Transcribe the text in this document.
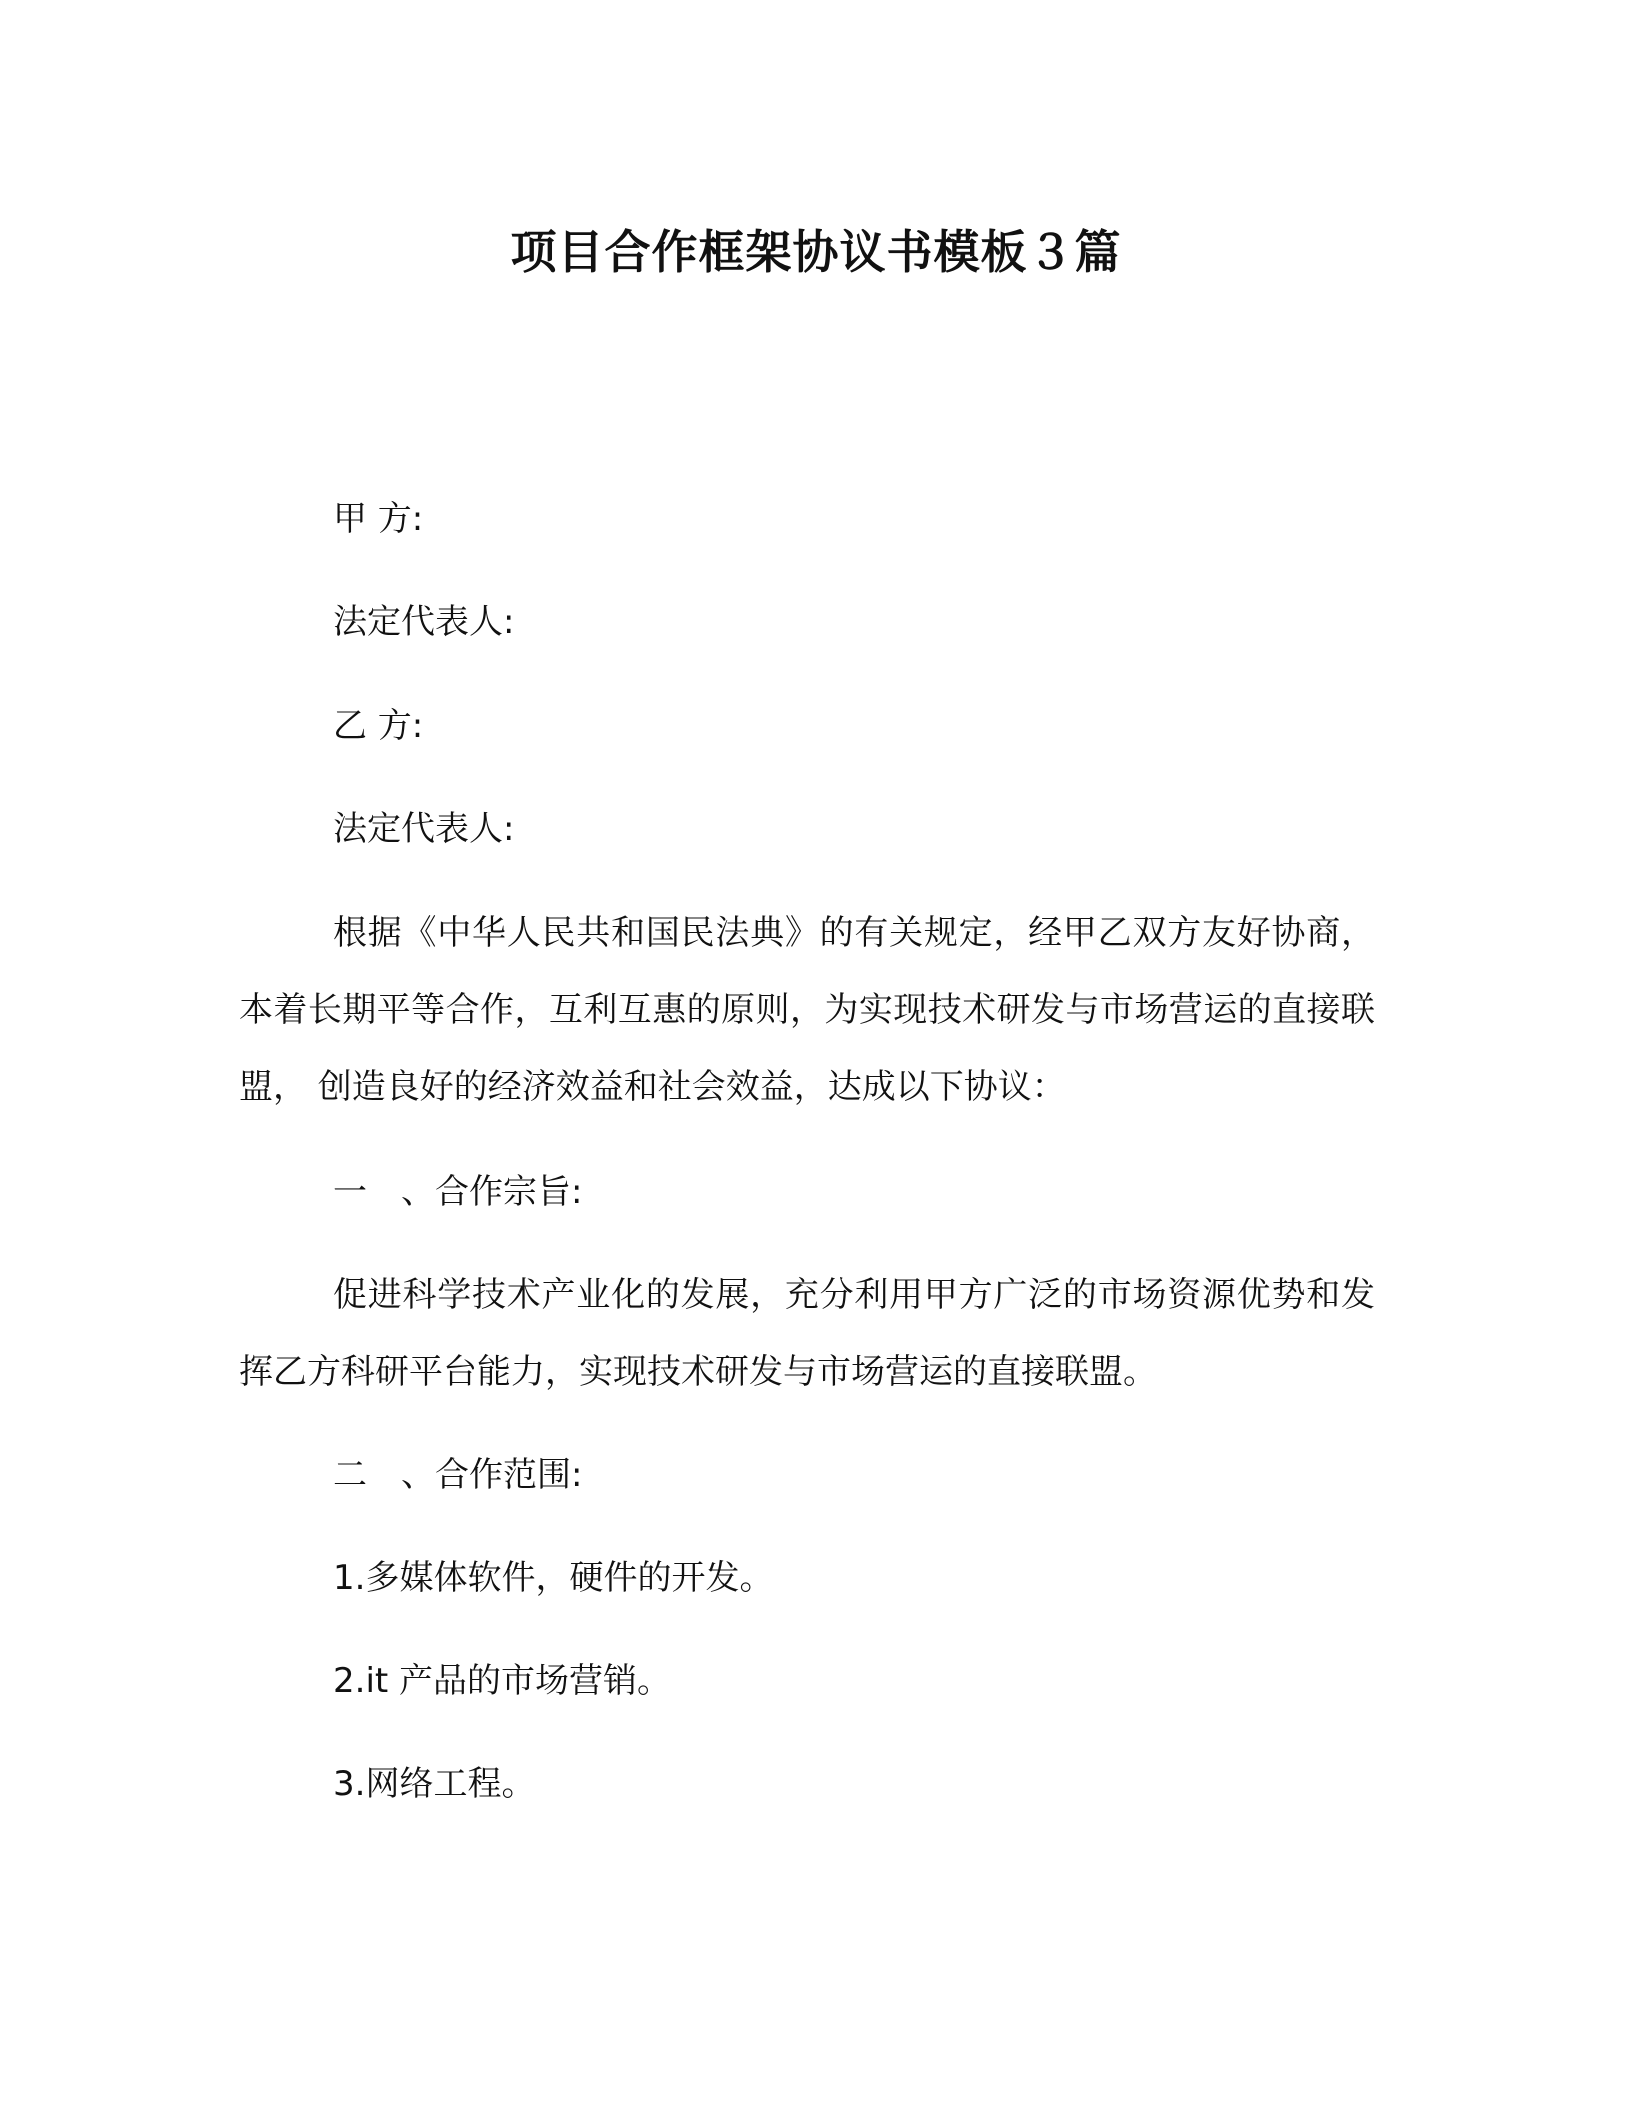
项目合作框架协议书模板３篇
甲 方:
法定代表人:
乙 方:
法定代表人:
根据《中华人民共和国民法典》的有关规定，经甲乙双方友好协商，本着长期平等合作，互利互惠的原则，为实现技术研发与市场营运的直接联盟， 创造良好的经济效益和社会效益，达成以下协议：
一　、合作宗旨:
促进科学技术产业化的发展，充分利用甲方广泛的市场资源优势和发挥乙方科研平台能力，实现技术研发与市场营运的直接联盟。
二　、合作范围:
1.多媒体软件，硬件的开发。
2.it 产品的市场营销。
3.网络工程。
